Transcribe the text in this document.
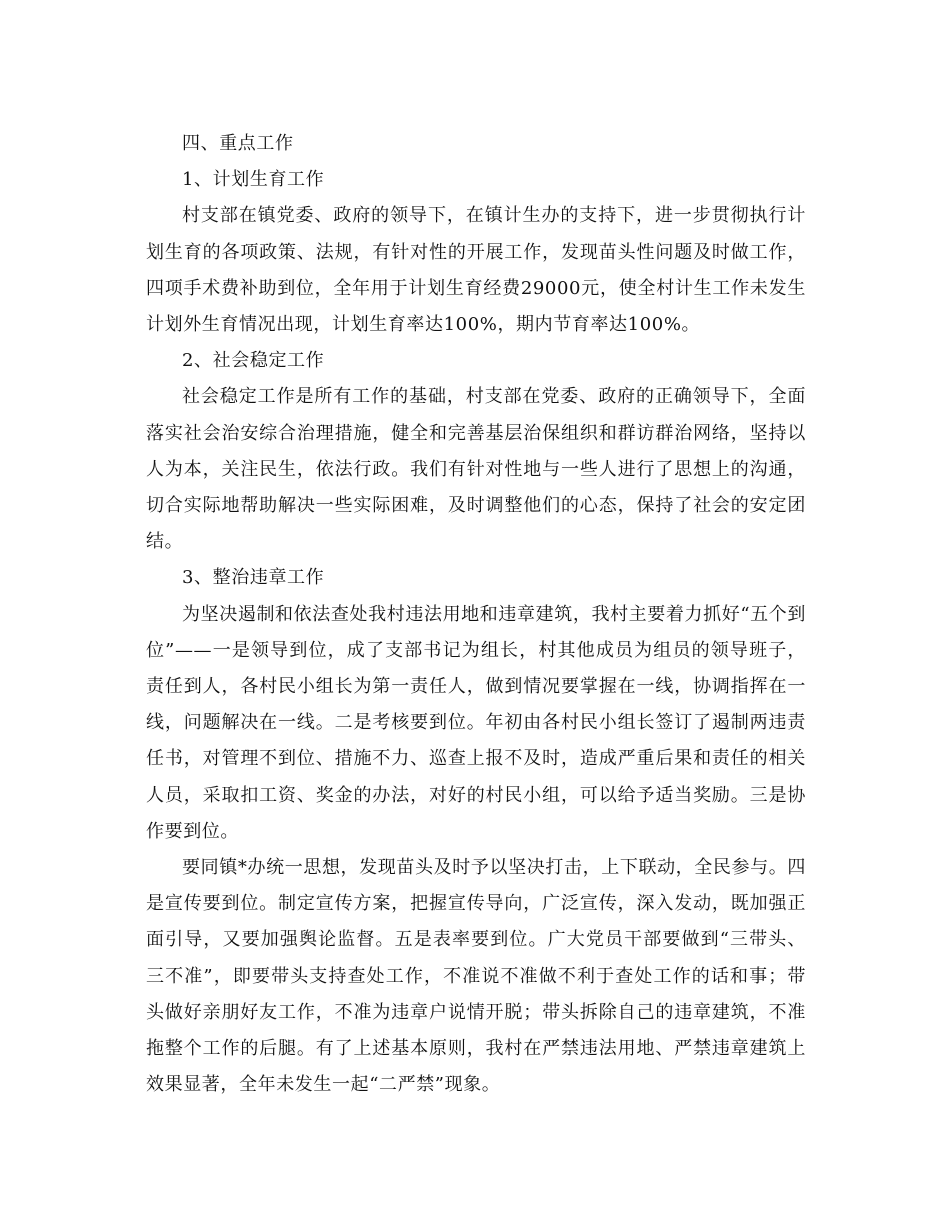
四、重点工作

1、计划生育工作

村支部在镇党委、政府的领导下，在镇计生办的支持下，进一步贯彻执行计划生育的各项政策、法规，有针对性的开展工作，发现苗头性问题及时做工作，四项手术费补助到位，全年用于计划生育经费29000元，使全村计生工作未发生计划外生育情况出现，计划生育率达100%，期内节育率达100%。

2、社会稳定工作

社会稳定工作是所有工作的基础，村支部在党委、政府的正确领导下，全面落实社会治安综合治理措施，健全和完善基层治保组织和群访群治网络，坚持以人为本，关注民生，依法行政。我们有针对性地与一些人进行了思想上的沟通，切合实际地帮助解决一些实际困难，及时调整他们的心态，保持了社会的安定团结。

3、整治违章工作

为坚决遏制和依法查处我村违法用地和违章建筑，我村主要着力抓好“五个到位”——一是领导到位，成了支部书记为组长，村其他成员为组员的领导班子，责任到人，各村民小组长为第一责任人，做到情况要掌握在一线，协调指挥在一线，问题解决在一线。二是考核要到位。年初由各村民小组长签订了遏制两违责任书，对管理不到位、措施不力、巡查上报不及时，造成严重后果和责任的相关人员，采取扣工资、奖金的办法，对好的村民小组，可以给予适当奖励。三是协作要到位。

要同镇*办统一思想，发现苗头及时予以坚决打击，上下联动，全民参与。四是宣传要到位。制定宣传方案，把握宣传导向，广泛宣传，深入发动，既加强正面引导，又要加强舆论监督。五是表率要到位。广大党员干部要做到“三带头、三不准”，即要带头支持查处工作，不准说不准做不利于查处工作的话和事；带头做好亲朋好友工作，不准为违章户说情开脱；带头拆除自己的违章建筑，不准拖整个工作的后腿。有了上述基本原则，我村在严禁违法用地、严禁违章建筑上效果显著，全年未发生一起“二严禁”现象。
